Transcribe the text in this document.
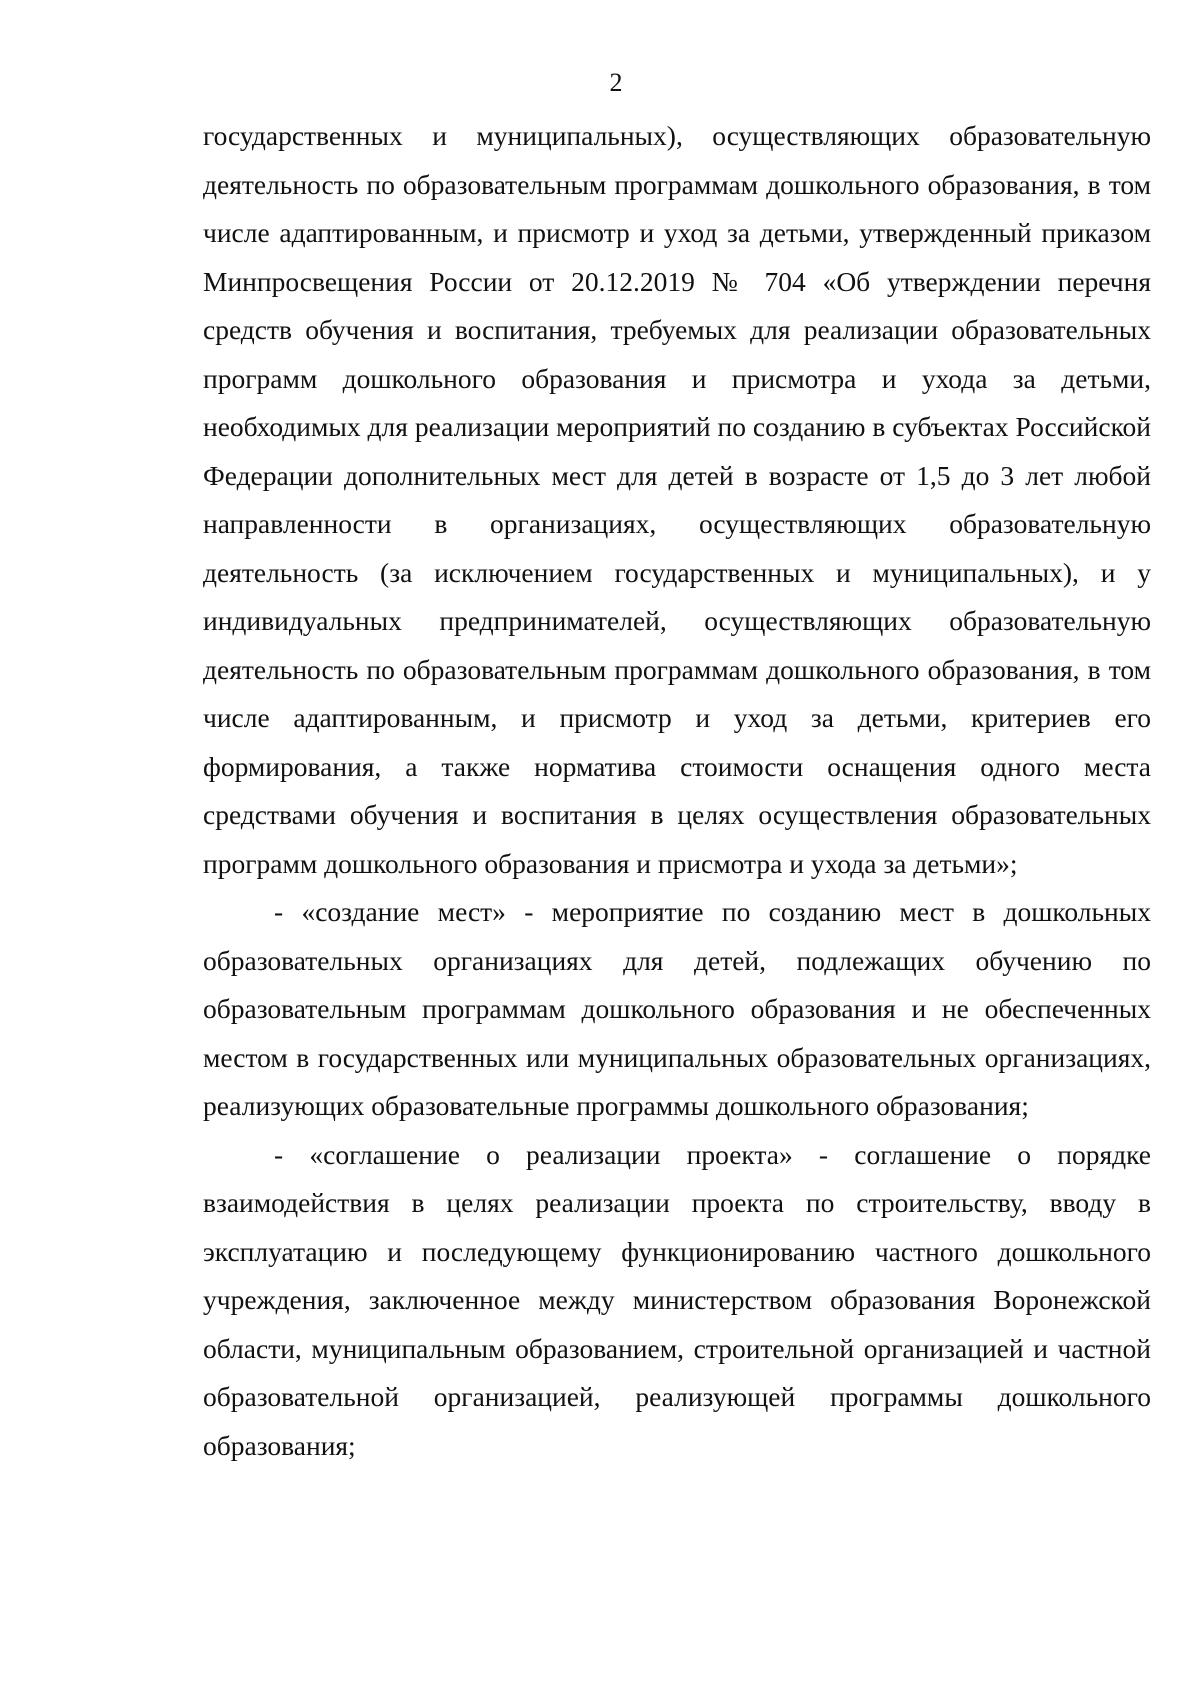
2

государственных и муниципальных), осуществляющих образовательную деятельность по образовательным программам дошкольного образования, в том числе адаптированным, и присмотр и уход за детьми, утвержденный приказом Минпросвещения России от 20.12.2019 № 704 «Об утверждении перечня средств обучения и воспитания, требуемых для реализации образовательных программ дошкольного образования и присмотра и ухода за детьми, необходимых для реализации мероприятий по созданию в субъектах Российской Федерации дополнительных мест для детей в возрасте от 1,5 до 3 лет любой направленности в организациях, осуществляющих образовательную деятельность (за исключением государственных и муниципальных), и у индивидуальных предпринимателей, осуществляющих образовательную деятельность по образовательным программам дошкольного образования, в том числе адаптированным, и присмотр и уход за детьми, критериев его формирования, а также норматива стоимости оснащения одного места средствами обучения и воспитания в целях осуществления образовательных программ дошкольного образования и присмотра и ухода за детьми»;

- «создание мест» - мероприятие по созданию мест в дошкольных образовательных организациях для детей, подлежащих обучению по образовательным программам дошкольного образования и не обеспеченных местом в государственных или муниципальных образовательных организациях, реализующих образовательные программы дошкольного образования;

- «соглашение о реализации проекта» - соглашение о порядке взаимодействия в целях реализации проекта по строительству, вводу в эксплуатацию и последующему функционированию частного дошкольного учреждения, заключенное между министерством образования Воронежской области, муниципальным образованием, строительной организацией и частной образовательной организацией, реализующей программы дошкольного образования;
